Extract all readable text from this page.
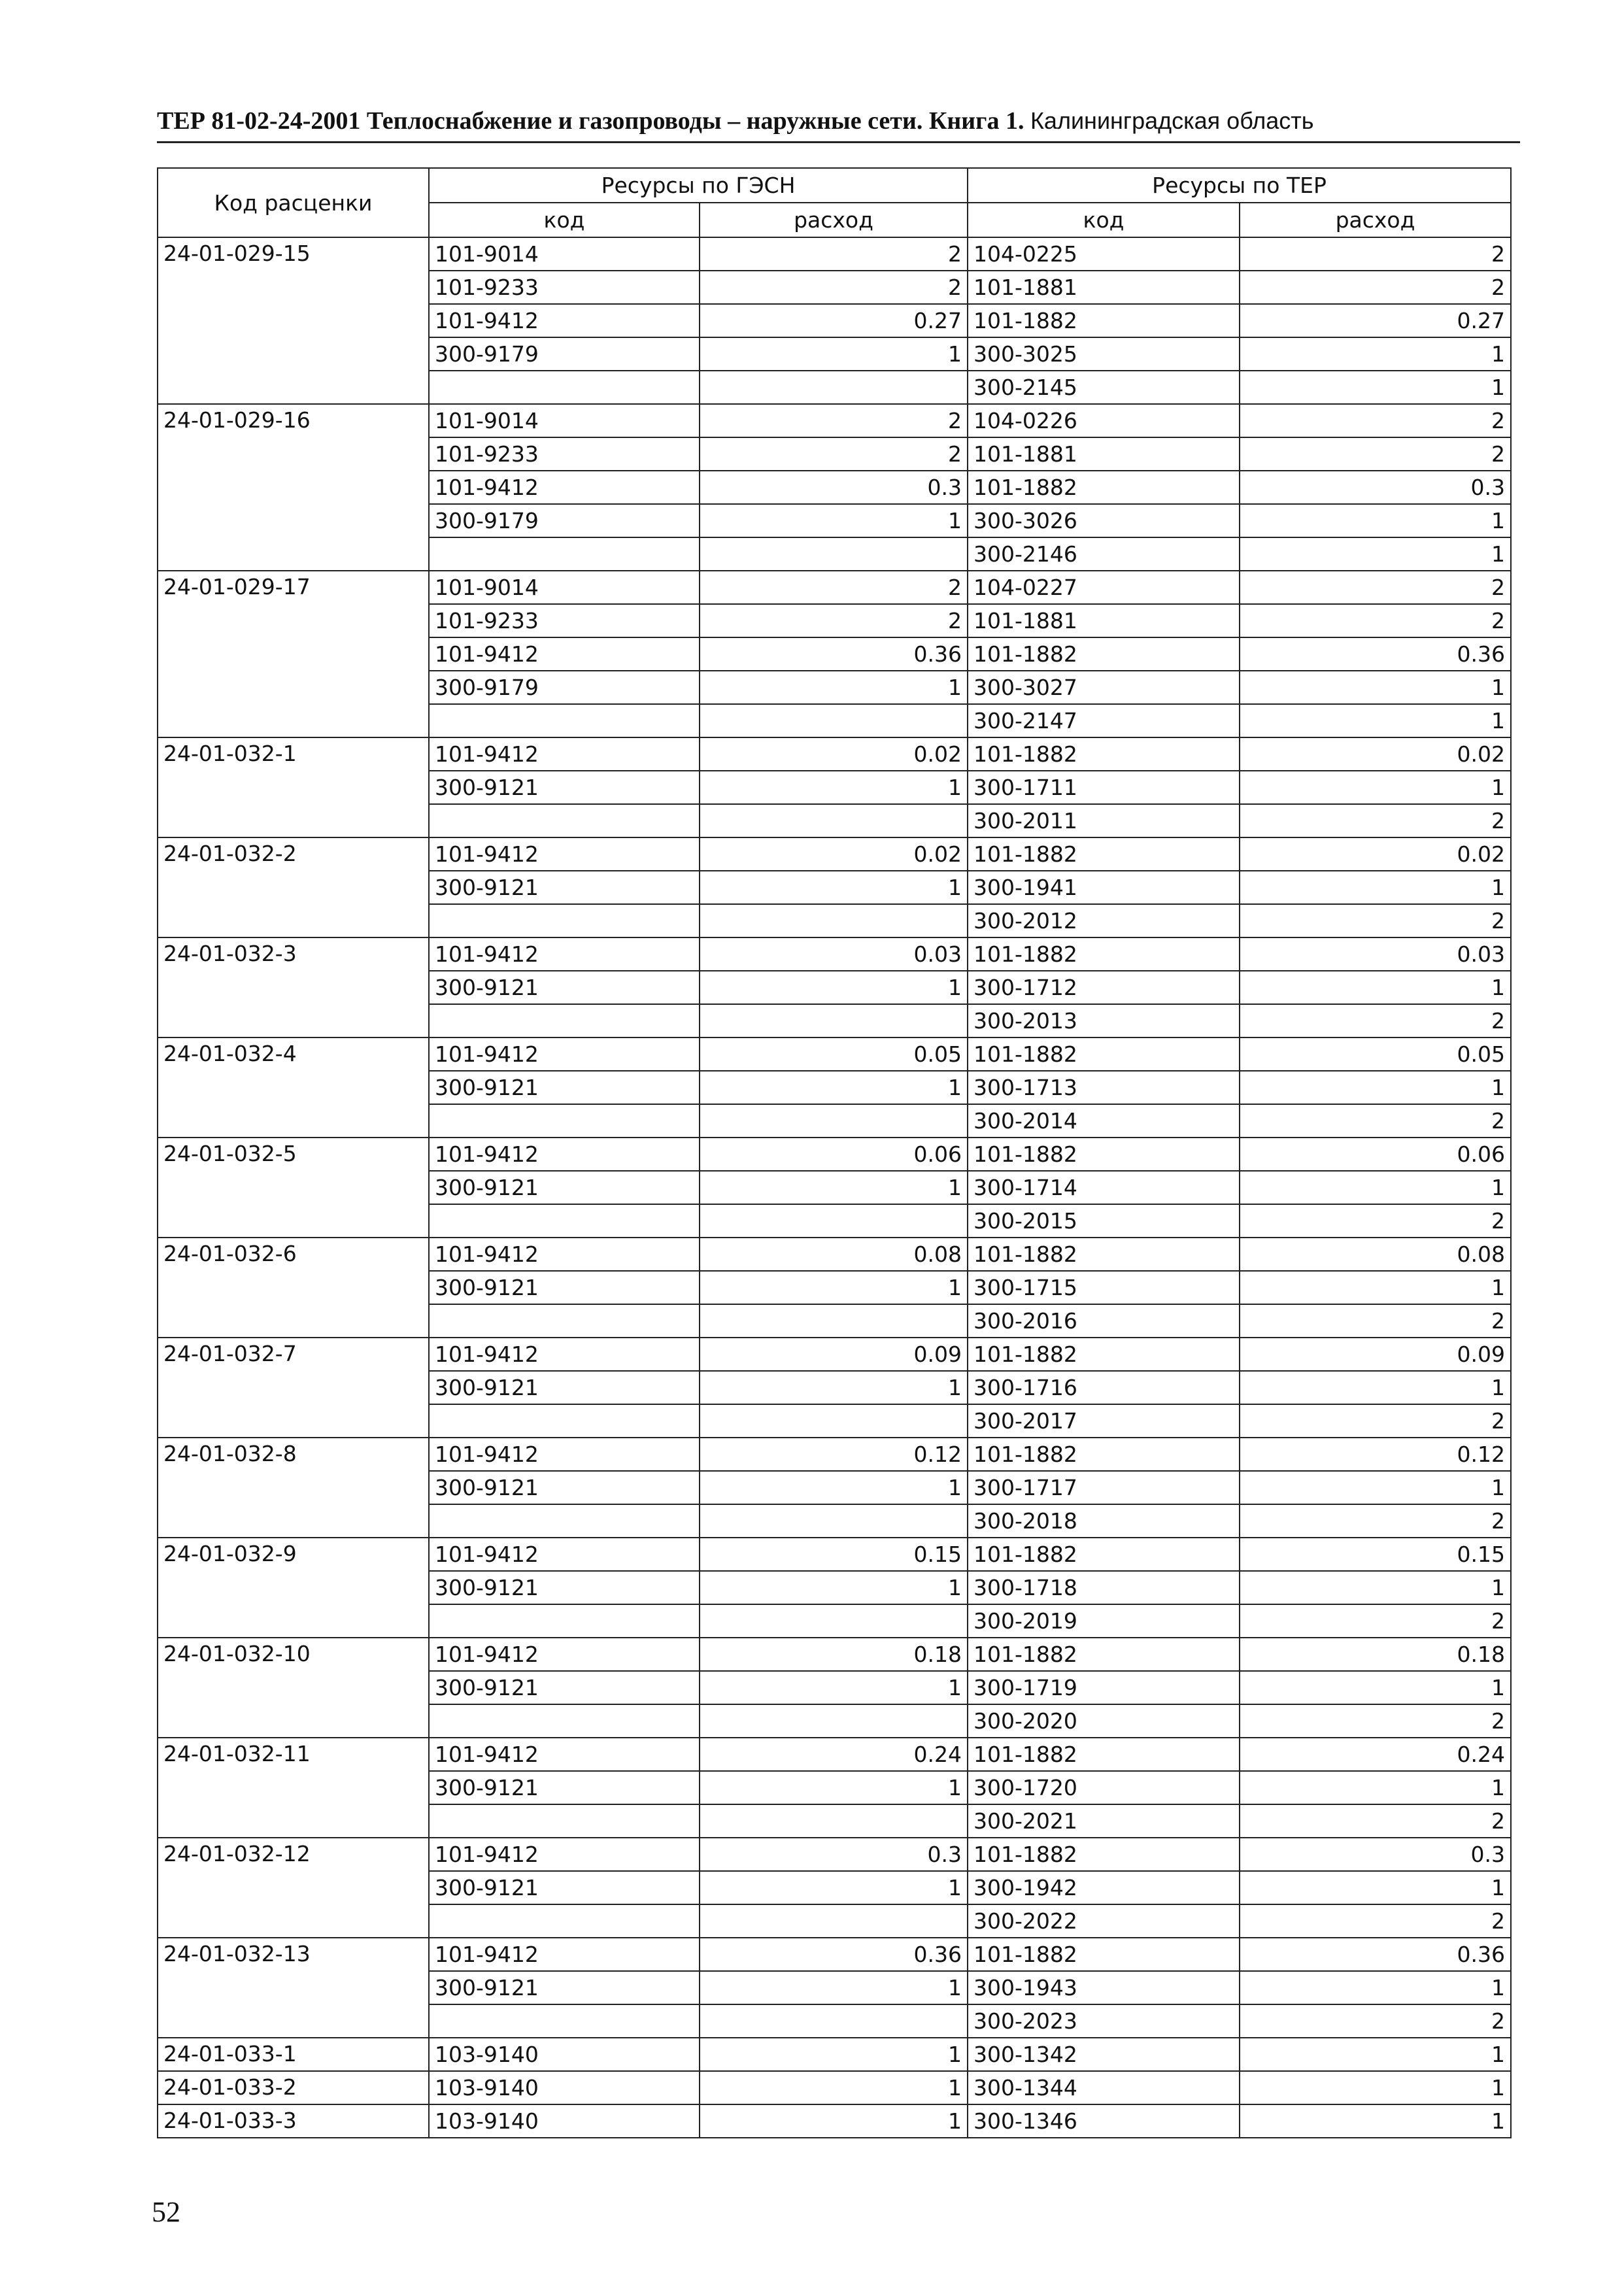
ТЕР 81-02-24-2001 Теплоснабжение и газопроводы – наружные сети. Книга 1. Калининградская область
Код расценки	Ресурсы по ГЭСН		Ресурсы по ТЕР	
	код	расход	код	расход
24-01-029-15	101-9014	2	104-0225	2
	101-9233	2	101-1881	2
	101-9412	0.27	101-1882	0.27
	300-9179	1	300-3025	1
			300-2145	1
24-01-029-16	101-9014	2	104-0226	2
	101-9233	2	101-1881	2
	101-9412	0.3	101-1882	0.3
	300-9179	1	300-3026	1
			300-2146	1
24-01-029-17	101-9014	2	104-0227	2
	101-9233	2	101-1881	2
	101-9412	0.36	101-1882	0.36
	300-9179	1	300-3027	1
			300-2147	1
24-01-032-1	101-9412	0.02	101-1882	0.02
	300-9121	1	300-1711	1
			300-2011	2
24-01-032-2	101-9412	0.02	101-1882	0.02
	300-9121	1	300-1941	1
			300-2012	2
24-01-032-3	101-9412	0.03	101-1882	0.03
	300-9121	1	300-1712	1
			300-2013	2
24-01-032-4	101-9412	0.05	101-1882	0.05
	300-9121	1	300-1713	1
			300-2014	2
24-01-032-5	101-9412	0.06	101-1882	0.06
	300-9121	1	300-1714	1
			300-2015	2
24-01-032-6	101-9412	0.08	101-1882	0.08
	300-9121	1	300-1715	1
			300-2016	2
24-01-032-7	101-9412	0.09	101-1882	0.09
	300-9121	1	300-1716	1
			300-2017	2
24-01-032-8	101-9412	0.12	101-1882	0.12
	300-9121	1	300-1717	1
			300-2018	2
24-01-032-9	101-9412	0.15	101-1882	0.15
	300-9121	1	300-1718	1
			300-2019	2
24-01-032-10	101-9412	0.18	101-1882	0.18
	300-9121	1	300-1719	1
			300-2020	2
24-01-032-11	101-9412	0.24	101-1882	0.24
	300-9121	1	300-1720	1
			300-2021	2
24-01-032-12	101-9412	0.3	101-1882	0.3
	300-9121	1	300-1942	1
			300-2022	2
24-01-032-13	101-9412	0.36	101-1882	0.36
	300-9121	1	300-1943	1
			300-2023	2
24-01-033-1	103-9140	1	300-1342	1
24-01-033-2	103-9140	1	300-1344	1
24-01-033-3	103-9140	1	300-1346	1
52
